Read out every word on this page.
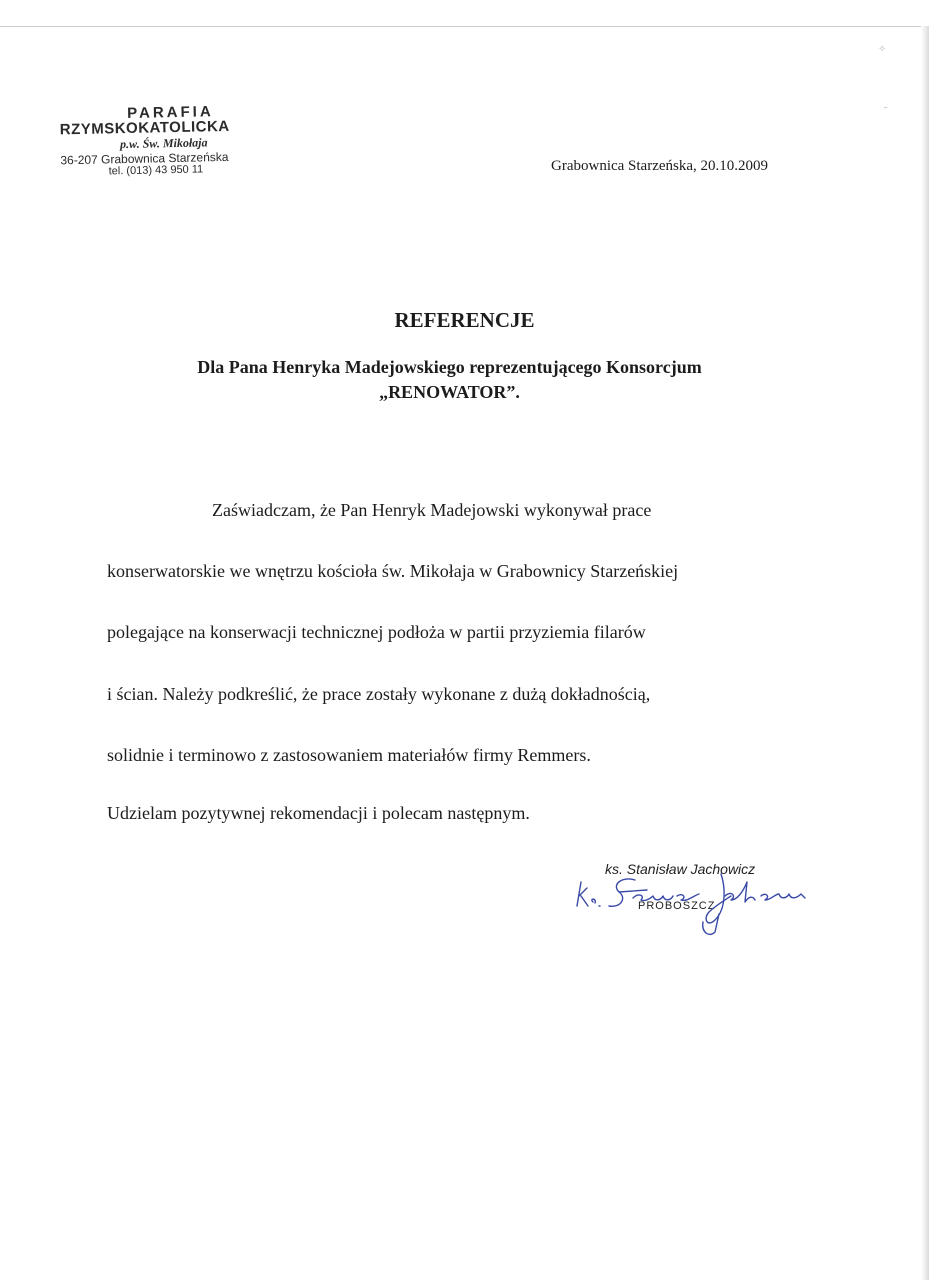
PARAFIA
RZYMSKOKATOLICKA
p.w. Św. Mikołaja
36-207 Grabownica Starzeńska
tel. (013) 43 950 11	Grabownica Starzeńska, 20.10.2009
REFERENCJE
Dla Pana Henryka Madejowskiego reprezentującego Konsorcjum
„RENOWATOR”.
Zaświadczam, że Pan Henryk Madejowski wykonywał prace
konserwatorskie we wnętrzu kościoła św. Mikołaja w Grabownicy Starzeńskiej
polegające na konserwacji technicznej podłoża w partii przyziemia filarów
i ścian. Należy podkreślić, że prace zostały wykonane z dużą dokładnością,
solidnie i terminowo z zastosowaniem materiałów firmy Remmers.
Udzielam pozytywnej rekomendacji i polecam następnym.
ks. Stanisław Jachowicz
PROBOSZCZ
✧
˷
